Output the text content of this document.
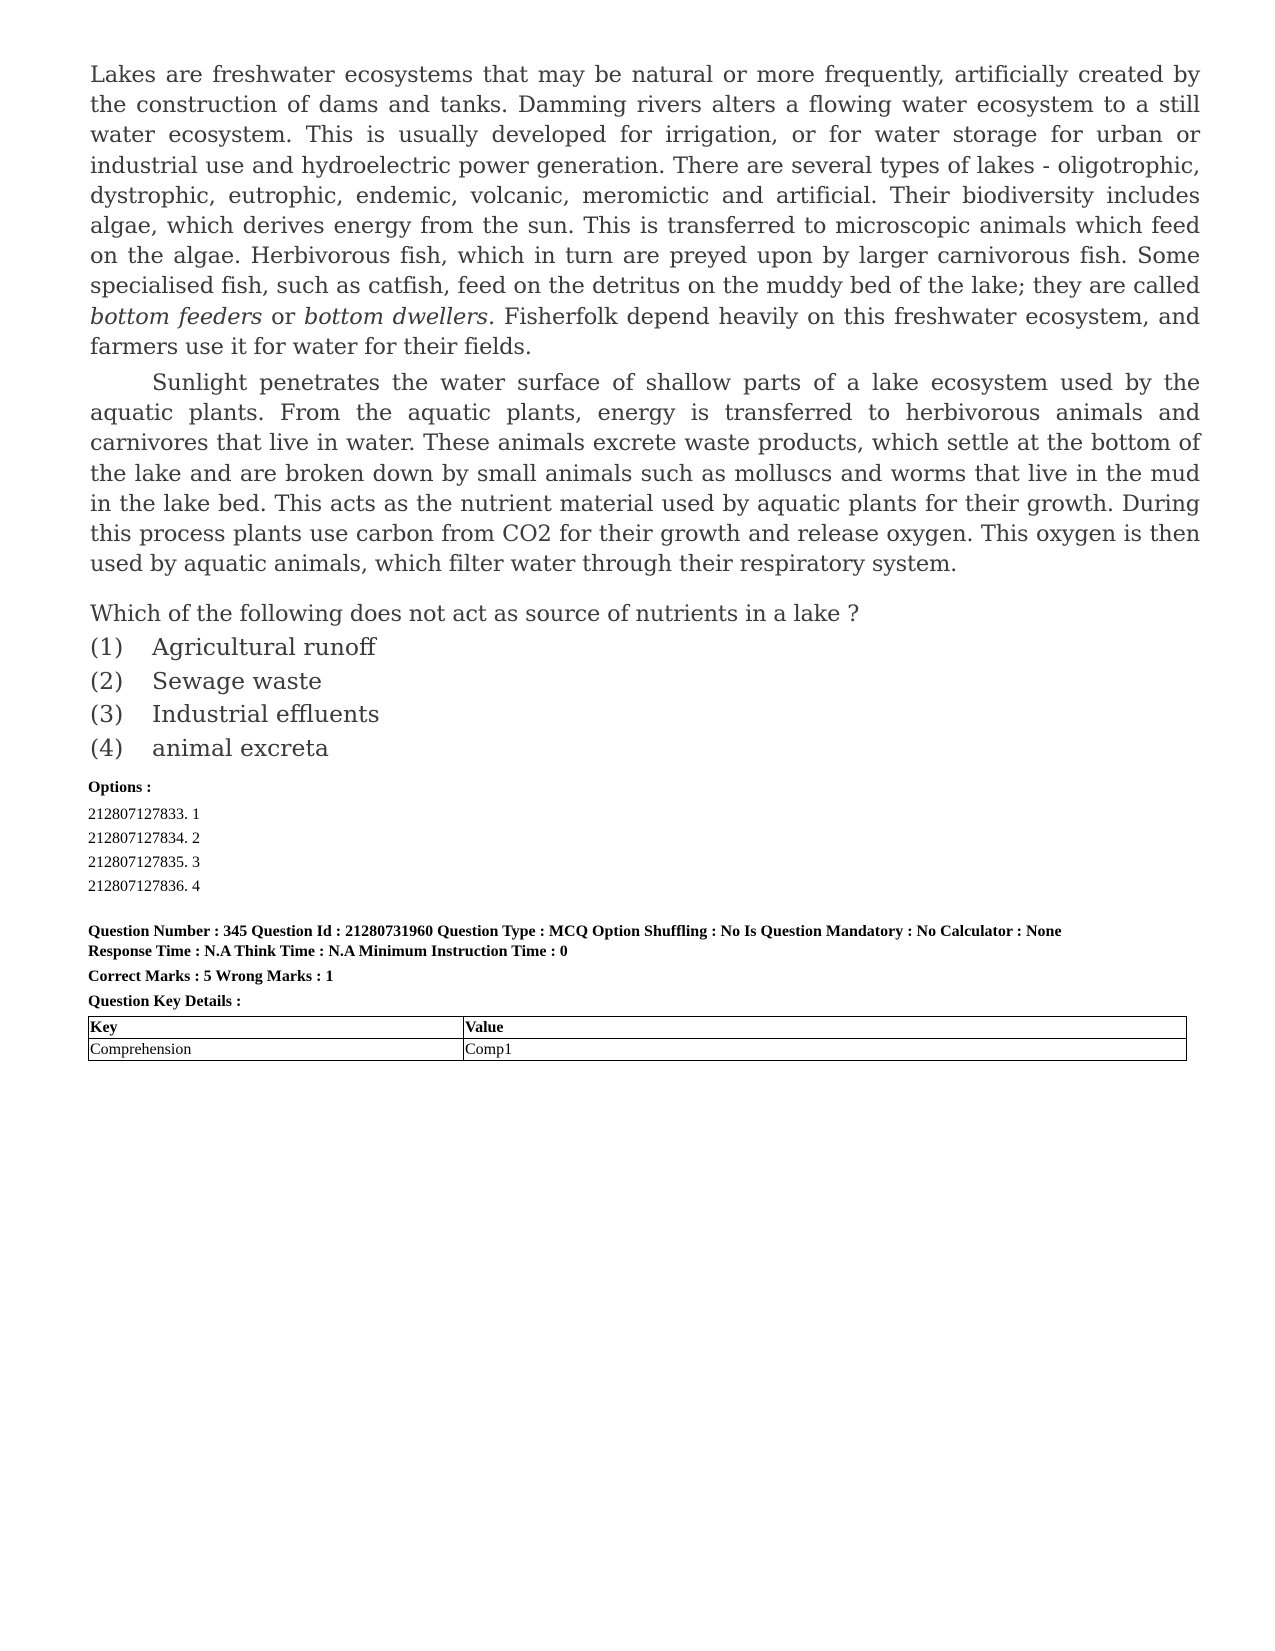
Lakes are freshwater ecosystems that may be natural or more frequently, artificially created by the construction of dams and tanks. Damming rivers alters a flowing water ecosystem to a still water ecosystem. This is usually developed for irrigation, or for water storage for urban or industrial use and hydroelectric power generation. There are several types of lakes - oligotrophic, dystrophic, eutrophic, endemic, volcanic, meromictic and artificial. Their biodiversity includes algae, which derives energy from the sun. This is transferred to microscopic animals which feed on the algae. Herbivorous fish, which in turn are preyed upon by larger carnivorous fish. Some specialised fish, such as catfish, feed on the detritus on the muddy bed of the lake; they are called bottom feeders or bottom dwellers. Fisherfolk depend heavily on this freshwater ecosystem, and farmers use it for water for their fields.

Sunlight penetrates the water surface of shallow parts of a lake ecosystem used by the aquatic plants. From the aquatic plants, energy is transferred to herbivorous animals and carnivores that live in water. These animals excrete waste products, which settle at the bottom of the lake and are broken down by small animals such as molluscs and worms that live in the mud in the lake bed. This acts as the nutrient material used by aquatic plants for their growth. During this process plants use carbon from CO2 for their growth and release oxygen. This oxygen is then used by aquatic animals, which filter water through their respiratory system.

Which of the following does not act as source of nutrients in a lake ?

(1)	Agricultural runoff
(2)	Sewage waste
(3)	Industrial effluents
(4)	animal excreta
Options :
212807127833. 1
212807127834. 2
212807127835. 3
212807127836. 4
Question Number : 345 Question Id : 21280731960 Question Type : MCQ Option Shuffling : No Is Question Mandatory : No Calculator : None
Response Time : N.A Think Time : N.A Minimum Instruction Time : 0
Correct Marks : 5 Wrong Marks : 1
Question Key Details :
Key	Value
Comprehension	Comp1
